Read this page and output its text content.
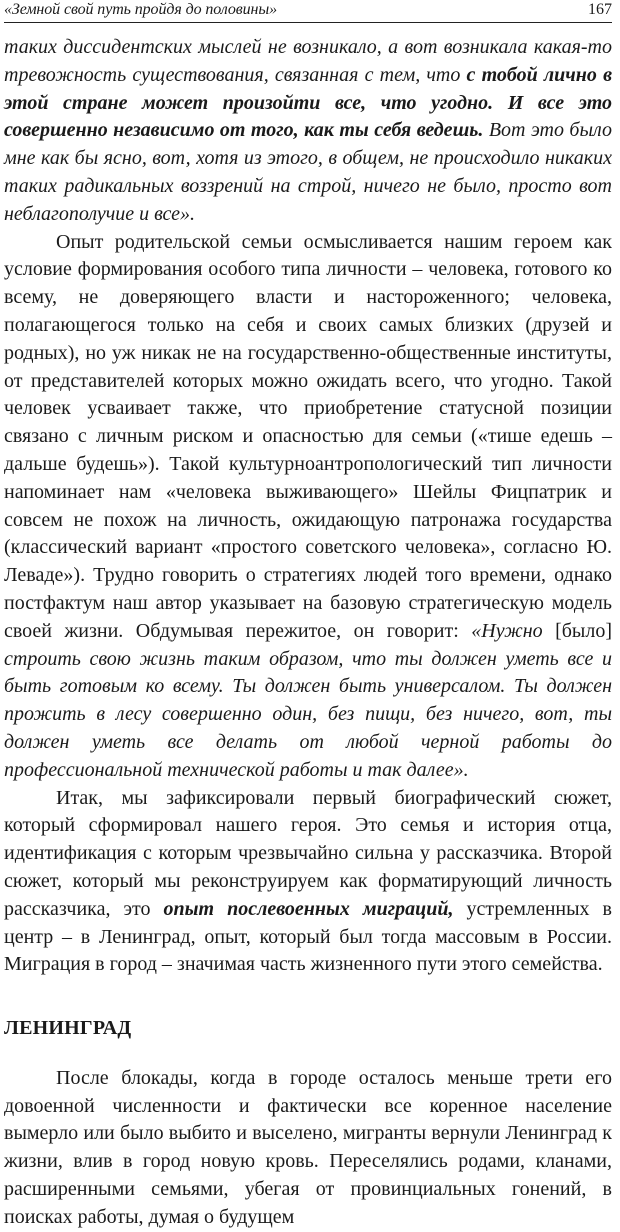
«Земной свой путь пройдя до половины»	167

таких диссидентских мыслей не возникало, а вот возникала какая-то тревожность существования, связанная с тем, что с тобой лично в этой стране может произойти все, что угодно. И все это совершенно независимо от того, как ты себя ведешь. Вот это было мне как бы ясно, вот, хотя из этого, в общем, не происходило никаких таких радикальных воззрений на строй, ничего не было, просто вот неблагополучие и все».

Опыт родительской семьи осмысливается нашим героем как условие формирования особого типа личности – человека, готового ко всему, не доверяющего власти и настороженного; человека, полагающегося только на себя и своих самых близких (друзей и родных), но уж никак не на государственно-общественные институты, от представителей которых можно ожидать всего, что угодно. Такой человек усваивает также, что приобретение статусной позиции связано с личным риском и опасностью для семьи («тише едешь – дальше будешь»). Такой культурноантропологический тип личности напоминает нам «человека выживающего» Шейлы Фицпатрик и совсем не похож на личность, ожидающую патронажа государства (классический вариант «простого советского человека», согласно Ю. Леваде»). Трудно говорить о стратегиях людей того времени, однако постфактум наш автор указывает на базовую стратегическую модель своей жизни. Обдумывая пережитое, он говорит: «Нужно [было] строить свою жизнь таким образом, что ты должен уметь все и быть готовым ко всему. Ты должен быть универсалом. Ты должен прожить в лесу совершенно один, без пищи, без ничего, вот, ты должен уметь все делать от любой черной работы до профессиональной технической работы и так далее».

Итак, мы зафиксировали первый биографический сюжет, который сформировал нашего героя. Это семья и история отца, идентификация с которым чрезвычайно сильна у рассказчика. Второй сюжет, который мы реконструируем как форматирующий личность рассказчика, это опыт послевоенных миграций, устремленных в центр – в Ленинград, опыт, который был тогда массовым в России. Миграция в город – значимая часть жизненного пути этого семейства.

ЛЕНИНГРАД

После блокады, когда в городе осталось меньше трети его довоенной численности и фактически все коренное население вымерло или было выбито и выселено, мигранты вернули Ленинград к жизни, влив в город новую кровь. Переселялись родами, кланами, расширенными семьями, убегая от провинциальных гонений, в поисках работы, думая о будущем
